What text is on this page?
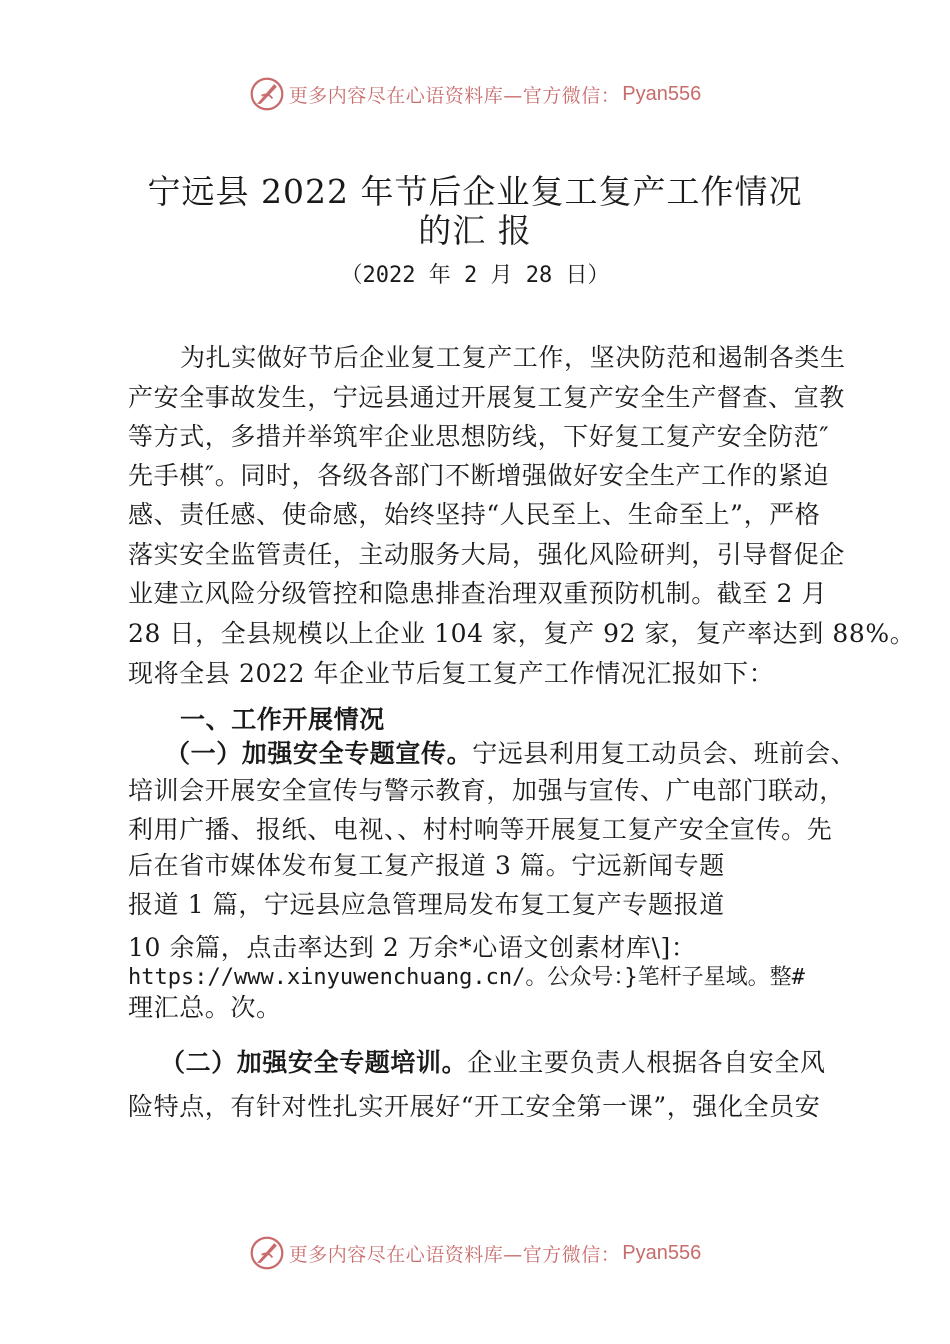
更多内容尽在心语资料库—官方微信： Pyan556
宁远县 2022 年节后企业复工复产工作情况
的汇 报
（2022 年 2 月 28 日）
为扎实做好节后企业复工复产工作，坚决防范和遏制各类生
产安全事故发生，宁远县通过开展复工复产安全生产督查、宣教
等方式，多措并举筑牢企业思想防线，下好复工复产安全防范″
先手棋″。同时，各级各部门不断增强做好安全生产工作的紧迫
感、责任感、使命感，始终坚持“人民至上、生命至上”，严格
落实安全监管责任，主动服务大局，强化风险研判，引导督促企
业建立风险分级管控和隐患排查治理双重预防机制。截至 2 月
28 日，全县规模以上企业 104 家，复产 92 家，复产率达到 88%。
现将全县 2022 年企业节后复工复产工作情况汇报如下：
一、工作开展情况
（一）加强安全专题宣传。宁远县利用复工动员会、班前会、
培训会开展安全宣传与警示教育，加强与宣传、广电部门联动，
利用广播、报纸、电视、、村村响等开展复工复产安全宣传。先
后在省市媒体发布复工复产报道 3 篇。宁远新闻专题
报道 1 篇，宁远县应急管理局发布复工复产专题报道
10 余篇，点击率达到 2 万余*心语文创素材库\]：
https://www.xinyuwenchuang.cn/。公众号：}笔杆子星域。整#
理汇总。次。
（二）加强安全专题培训。企业主要负责人根据各自安全风
险特点，有针对性扎实开展好“开工安全第一课”，强化全员安
更多内容尽在心语资料库—官方微信： Pyan556
